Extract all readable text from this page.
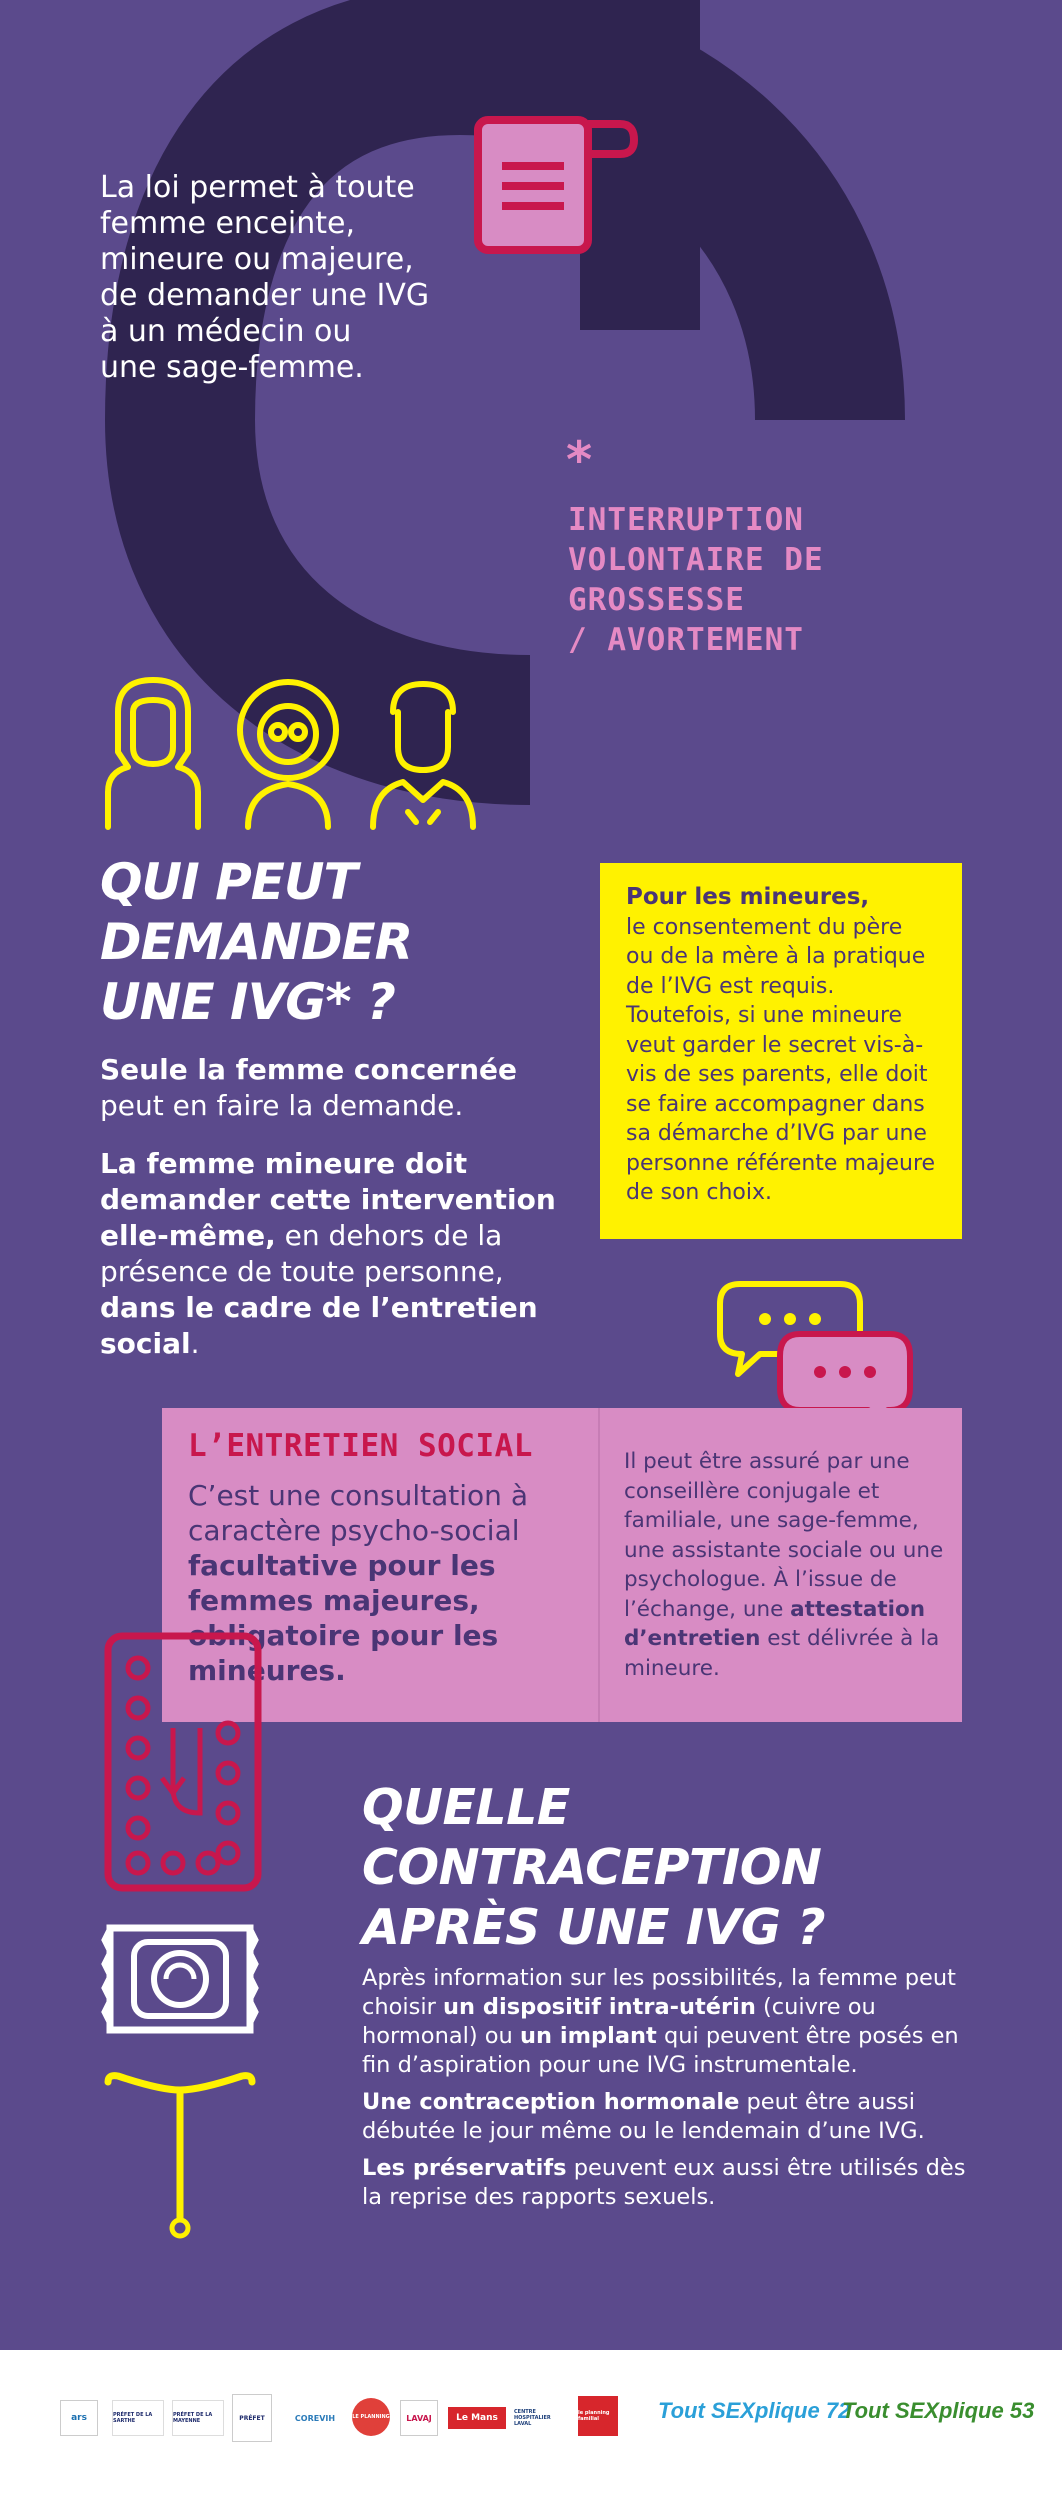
La loi permet à toute
femme enceinte,
mineure ou majeure,
de demander une IVG
à un médecin ou
une sage-femme.
*
INTERRUPTION
VOLONTAIRE DE
GROSSESSE
/ AVORTEMENT
QUI PEUT
DEMANDER
UNE IVG* ?
Seule la femme concernée
peut en faire la demande.
La femme mineure doit demander cette intervention elle-même, en dehors de la présence de toute personne, dans le cadre de l’entretien social.
Pour les mineures,
le consentement du père ou de la mère à la pratique de l’IVG est requis. Toutefois, si une mineure veut garder le secret vis-à-vis de ses parents, elle doit se faire accompagner dans sa démarche d’IVG par une personne référente majeure de son choix.
L’ENTRETIEN SOCIAL
C’est une consultation à caractère psycho-social facultative pour les femmes majeures, obligatoire pour les mineures.
Il peut être assuré par une conseillère conjugale et familiale, une sage-femme, une assistante sociale ou une psychologue. À l’issue de l’échange, une attestation d’entretien est délivrée à la mineure.
QUELLE
CONTRACEPTION
APRÈS UNE IVG ?
Après information sur les possibilités, la femme peut choisir un dispositif intra-utérin (cuivre ou hormonal) ou un implant qui peuvent être posés en fin d’aspiration pour une IVG instrumentale.
Une contraception hormonale peut être aussi débutée le jour même ou le lendemain d’une IVG.
Les préservatifs peuvent eux aussi être utilisés dès la reprise des rapports sexuels.
ars	PRÉFET DE LA SARTHE
PRÉFET DE LA MAYENNE	PRÉFET	COREVIH	LE PLANNING	LAVAJ	Le Mans
CENTRE HOSPITALIER LAVAL
le planning familial	Tout SEXplique 72
Tout SEXplique 53
